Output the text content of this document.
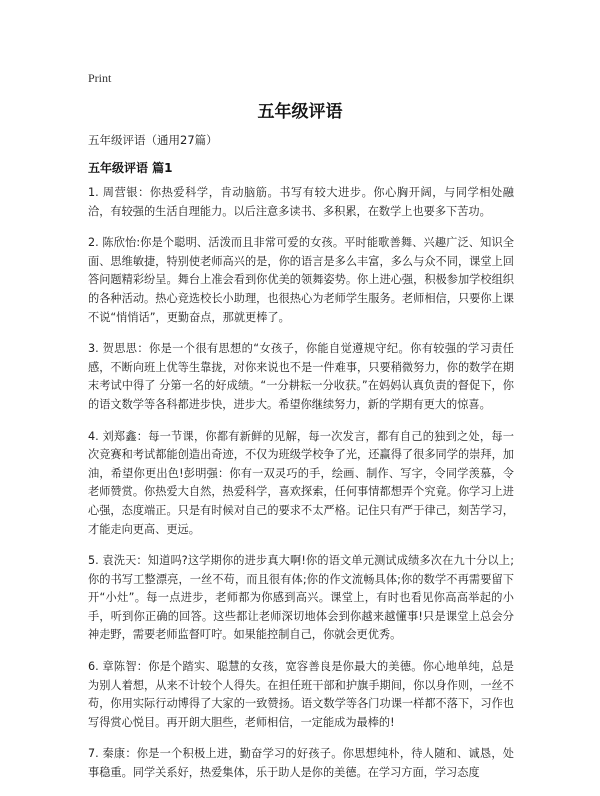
Print
五年级评语
五年级评语（通用27篇）
五年级评语 篇1

1. 周营银：你热爱科学，肯动脑筋。书写有较大进步。你心胸开阔，与同学相处融洽，有较强的生活自理能力。以后注意多读书、多积累，在数学上也要多下苦功。

2. 陈欣怡:你是个聪明、活泼而且非常可爱的女孩。平时能歌善舞、兴趣广泛、知识全面、思维敏捷，特别使老师高兴的是，你的语言是多么丰富，多么与众不同，课堂上回答问题精彩纷呈。舞台上准会看到你优美的领舞姿势。你上进心强，积极参加学校组织的各种活动。热心竞选校长小助理，也很热心为老师学生服务。老师相信，只要你上课不说“悄悄话”，更勤奋点，那就更棒了。

3. 贺思思：你是一个很有思想的“女孩子，你能自觉遵规守纪。你有较强的学习责任感，不断向班上优等生靠拢，对你来说也不是一件难事，只要稍微努力，你的数学在期末考试中得了 分第一名的好成绩。“一分耕耘一分收获。”在妈妈认真负责的督促下，你的语文数学等各科都进步快，进步大。希望你继续努力，新的学期有更大的惊喜。

4. 刘郑鑫：每一节课，你都有新鲜的见解，每一次发言，都有自己的独到之处，每一次竞赛和考试都能创造出奇迹，不仅为班级学校争了光，还赢得了很多同学的崇拜，加油，希望你更出色!彭明强：你有一双灵巧的手，绘画、制作、写字，令同学羡慕，令老师赞赏。你热爱大自然，热爱科学，喜欢探索，任何事情都想弄个究竟。你学习上进心强，态度端正。只是有时候对自己的要求不太严格。记住只有严于律己，刻苦学习，才能走向更高、更远。

5. 袁洗天：知道吗?这学期你的进步真大啊!你的语文单元测试成绩多次在九十分以上;你的书写工整漂亮，一丝不苟，而且很有体;你的作文流畅具体;你的数学不再需要留下开“小灶”。每一点进步，老师都为你感到高兴。课堂上，有时也看见你高高举起的小手，听到你正确的回答。这些都让老师深切地体会到你越来越懂事!只是课堂上总会分神走野，需要老师监督叮咛。如果能控制自己，你就会更优秀。

6. 章陈智：你是个踏实、聪慧的女孩，宽容善良是你最大的美德。你心地单纯，总是为别人着想，从来不计较个人得失。在担任班干部和护旗手期间，你以身作则，一丝不苟，你用实际行动博得了大家的一致赞扬。语文数学等各门功课一样都不落下，习作也写得赏心悦目。再开朗大胆些，老师相信，一定能成为最棒的!

7. 秦康：你是一个积极上进，勤奋学习的好孩子。你思想纯朴，待人随和、诚恳，处事稳重。同学关系好，热爱集体，乐于助人是你的美德。在学习方面，学习态度
